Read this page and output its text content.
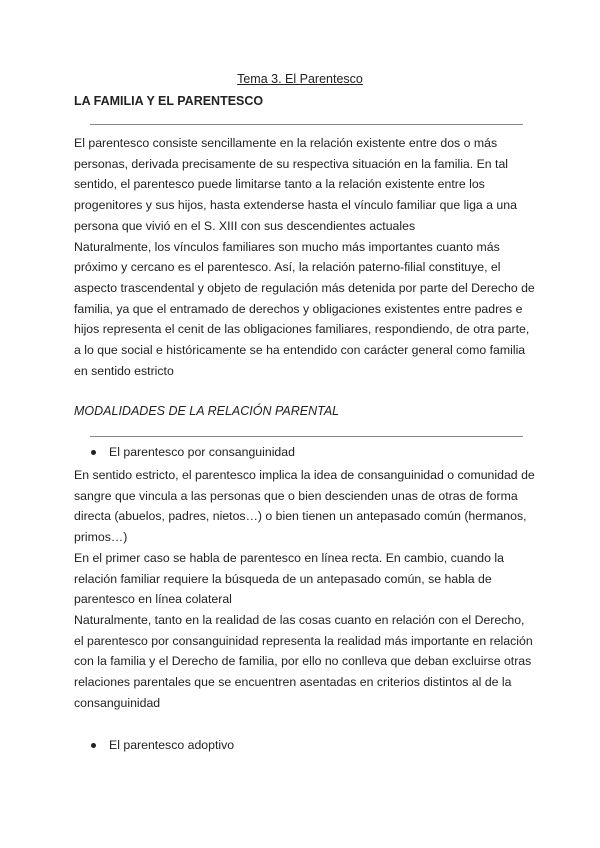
Tema 3. El Parentesco
LA FAMILIA Y EL PARENTESCO
El parentesco consiste sencillamente en la relación existente entre dos o más
personas, derivada precisamente de su respectiva situación en la familia. En tal
sentido, el parentesco puede limitarse tanto a la relación existente entre los
progenitores y sus hijos, hasta extenderse hasta el vínculo familiar que liga a una
persona que vivió en el S. XIII con sus descendientes actuales
Naturalmente, los vínculos familiares son mucho más importantes cuanto más
próximo y cercano es el parentesco. Así, la relación paterno-filial constituye, el
aspecto trascendental y objeto de regulación más detenida por parte del Derecho de
familia, ya que el entramado de derechos y obligaciones existentes entre padres e
hijos representa el cenit de las obligaciones familiares, respondiendo, de otra parte,
a lo que social e históricamente se ha entendido con carácter general como familia
en sentido estricto
MODALIDADES DE LA RELACIÓN PARENTAL
El parentesco por consanguinidad
En sentido estricto, el parentesco implica la idea de consanguinidad o comunidad de
sangre que vincula a las personas que o bien descienden unas de otras de forma
directa (abuelos, padres, nietos…) o bien tienen un antepasado común (hermanos,
primos…)
En el primer caso se habla de parentesco en línea recta. En cambio, cuando la
relación familiar requiere la búsqueda de un antepasado común, se habla de
parentesco en línea colateral
Naturalmente, tanto en la realidad de las cosas cuanto en relación con el Derecho,
el parentesco por consanguinidad representa la realidad más importante en relación
con la familia y el Derecho de familia, por ello no conlleva que deban excluirse otras
relaciones parentales que se encuentren asentadas en criterios distintos al de la
consanguinidad
El parentesco adoptivo
